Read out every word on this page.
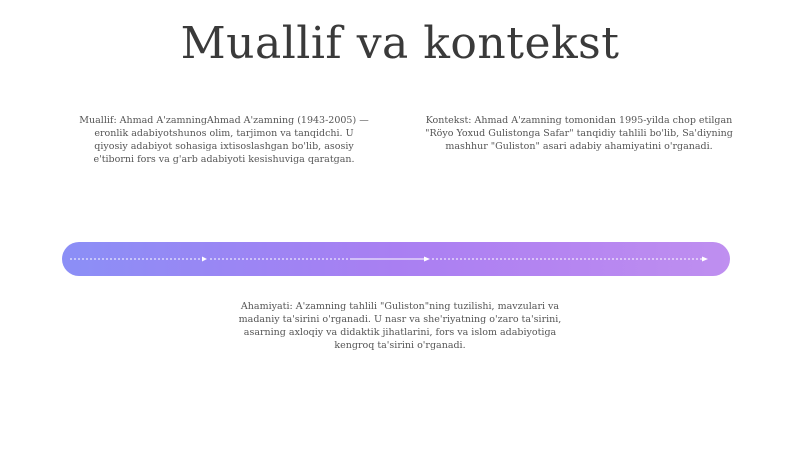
Muallif va kontekst
Muallif: Ahmad A'zamningAhmad A'zamning (1943-2005) — eronlik adabiyotshunos olim, tarjimon va tanqidchi. U qiyosiy adabiyot sohasiga ixtisoslashgan bo'lib, asosiy e'tiborni fors va g'arb adabiyoti kesishuviga qaratgan.
Kontekst: Ahmad A'zamning tomonidan 1995-yilda chop etilgan "Röyo Yoxud Gulistonga Safar" tanqidiy tahlili bo'lib, Sa'diyning mashhur "Guliston" asari adabiy ahamiyatini o'rganadi.
Ahamiyati: A'zamning tahlili "Guliston"ning tuzilishi, mavzulari va madaniy ta'sirini o'rganadi. U nasr va she'riyatning o'zaro ta'sirini, asarning axloqiy va didaktik jihatlarini, fors va islom adabiyotiga kengroq ta'sirini o'rganadi.
